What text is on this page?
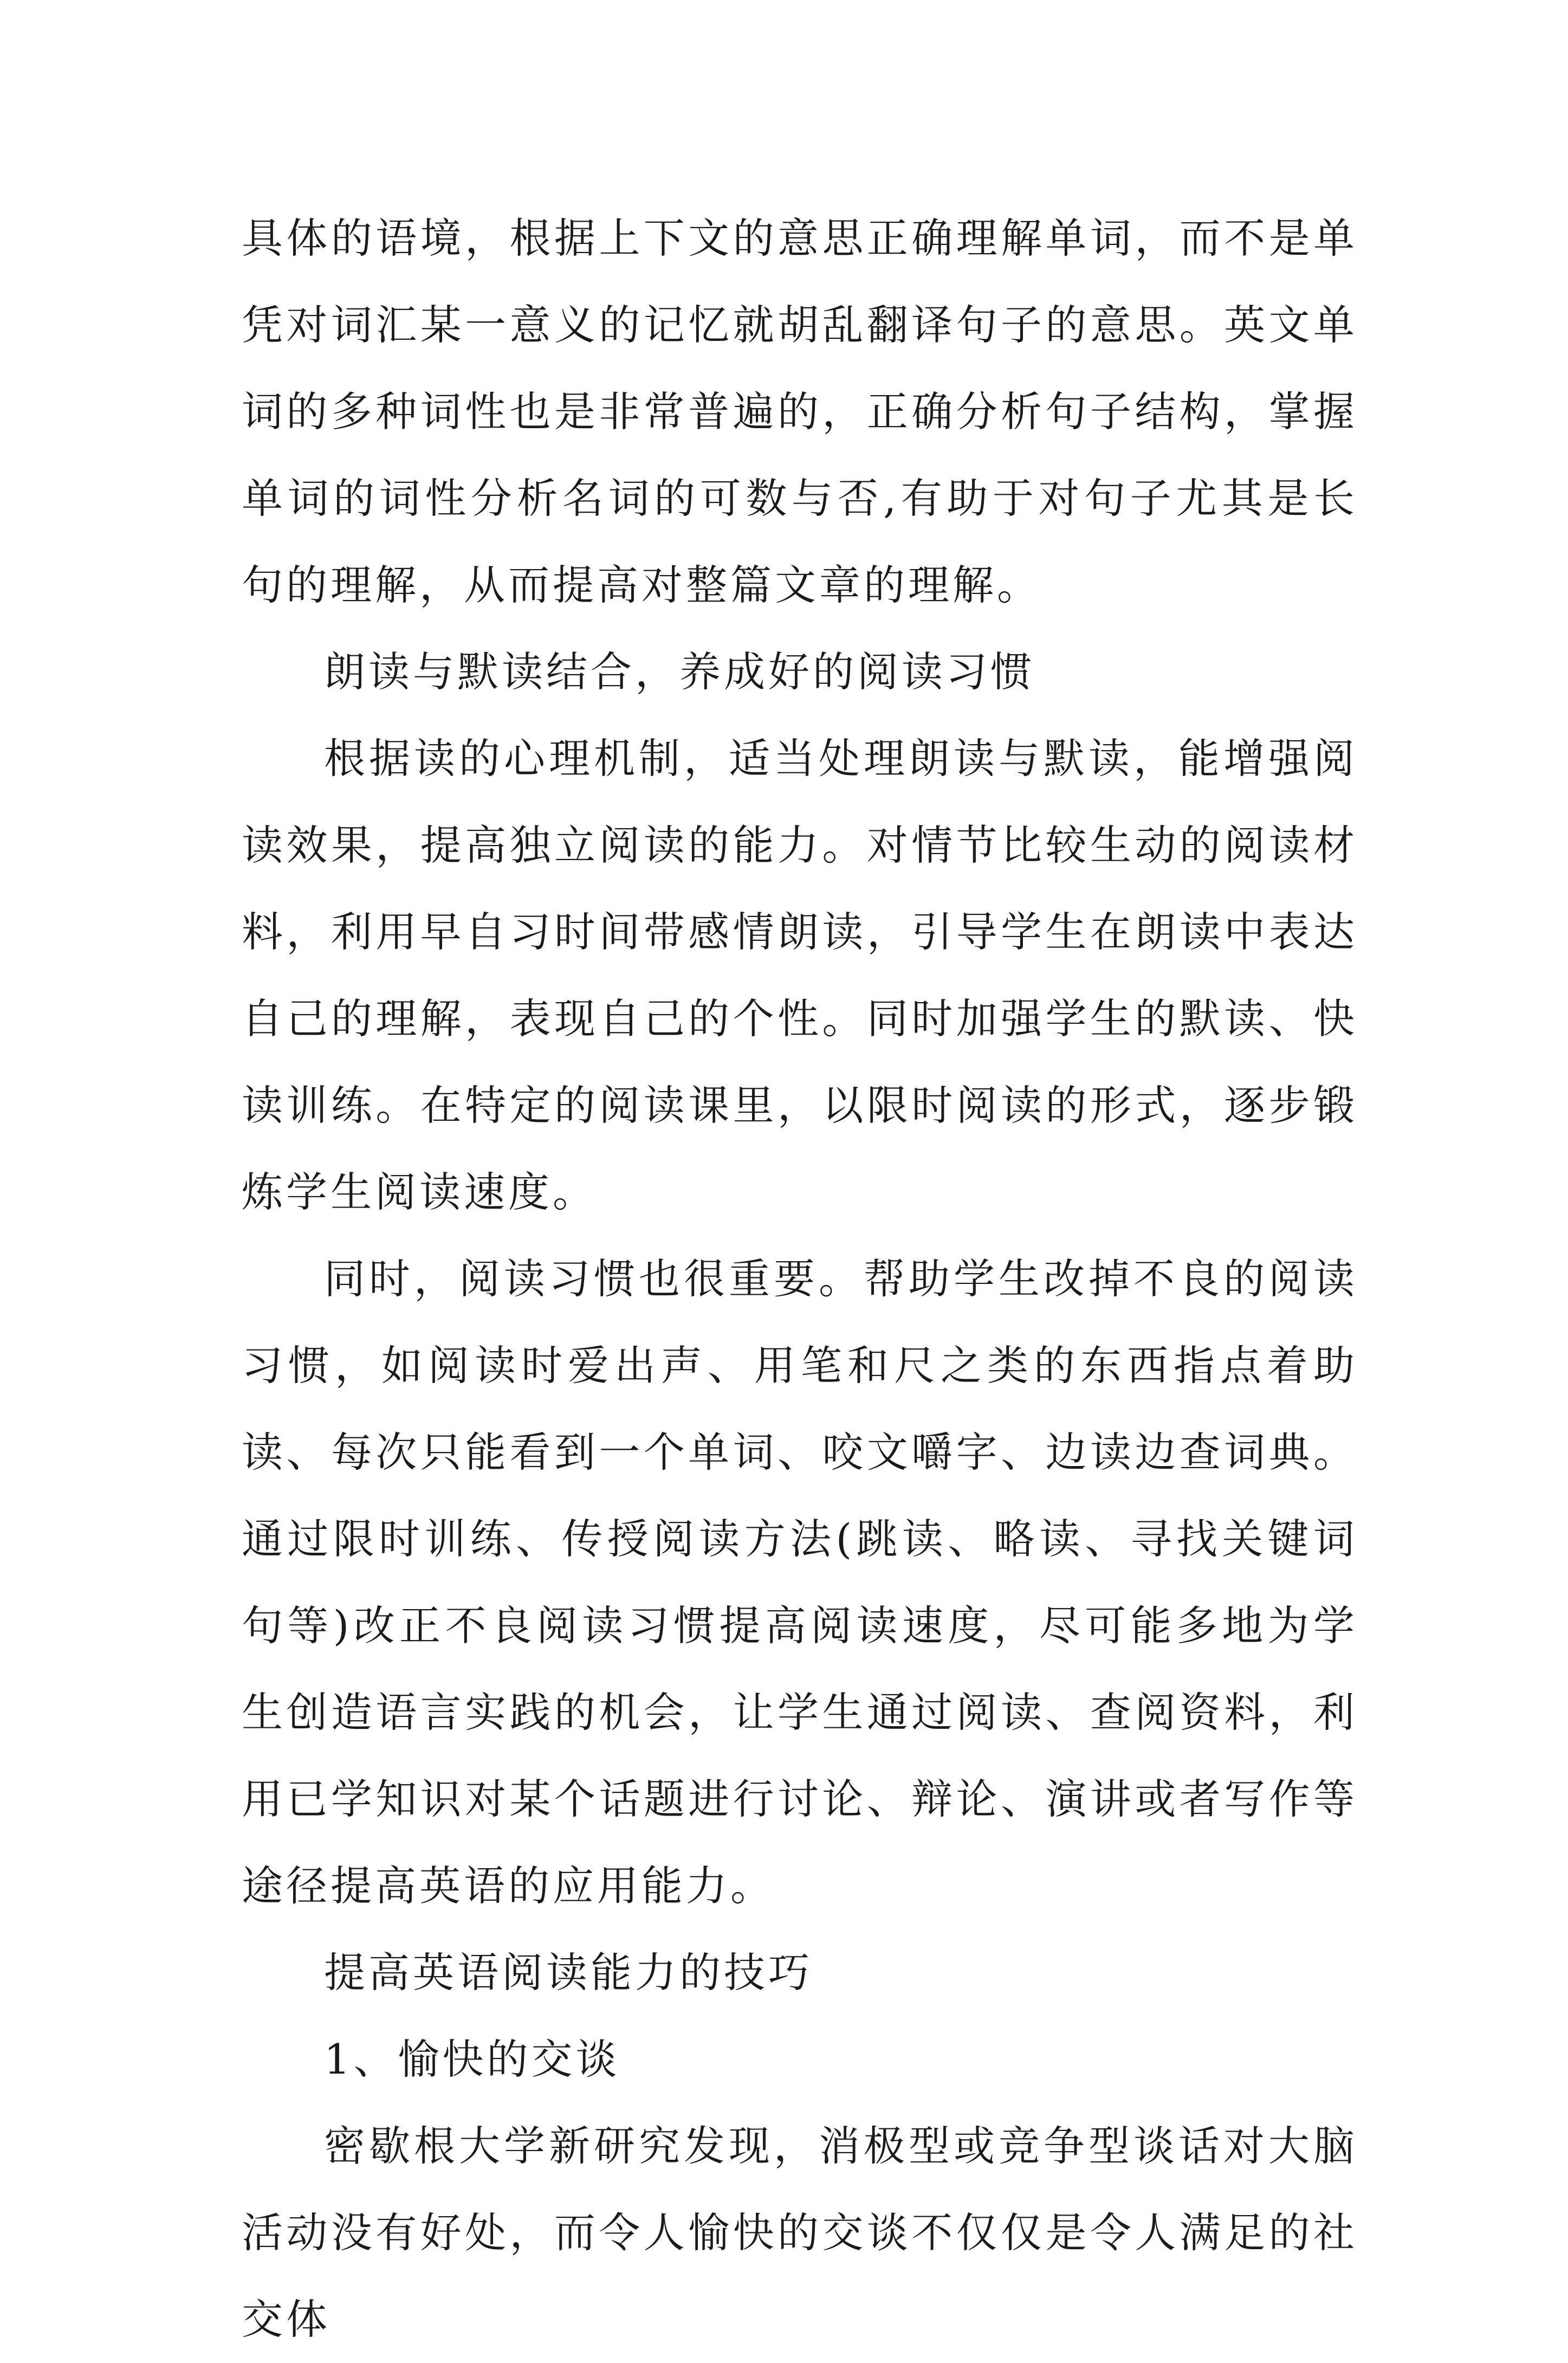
具体的语境，根据上下文的意思正确理解单词，而不是单凭对词汇某一意义的记忆就胡乱翻译句子的意思。英文单词的多种词性也是非常普遍的，正确分析句子结构，掌握单词的词性分析名词的可数与否,有助于对句子尤其是长句的理解，从而提高对整篇文章的理解。

朗读与默读结合，养成好的阅读习惯

根据读的心理机制，适当处理朗读与默读，能增强阅读效果，提高独立阅读的能力。对情节比较生动的阅读材料，利用早自习时间带感情朗读，引导学生在朗读中表达自己的理解，表现自己的个性。同时加强学生的默读、快读训练。在特定的阅读课里，以限时阅读的形式，逐步锻炼学生阅读速度。

同时，阅读习惯也很重要。帮助学生改掉不良的阅读习惯，如阅读时爱出声、用笔和尺之类的东西指点着助读、每次只能看到一个单词、咬文嚼字、边读边查词典。通过限时训练、传授阅读方法(跳读、略读、寻找关键词句等)改正不良阅读习惯提高阅读速度，尽可能多地为学生创造语言实践的机会，让学生通过阅读、查阅资料，利用已学知识对某个话题进行讨论、辩论、演讲或者写作等途径提高英语的应用能力。

提高英语阅读能力的技巧

1、愉快的交谈

密歇根大学新研究发现，消极型或竞争型谈话对大脑活动没有好处，而令人愉快的交谈不仅仅是令人满足的社交体
